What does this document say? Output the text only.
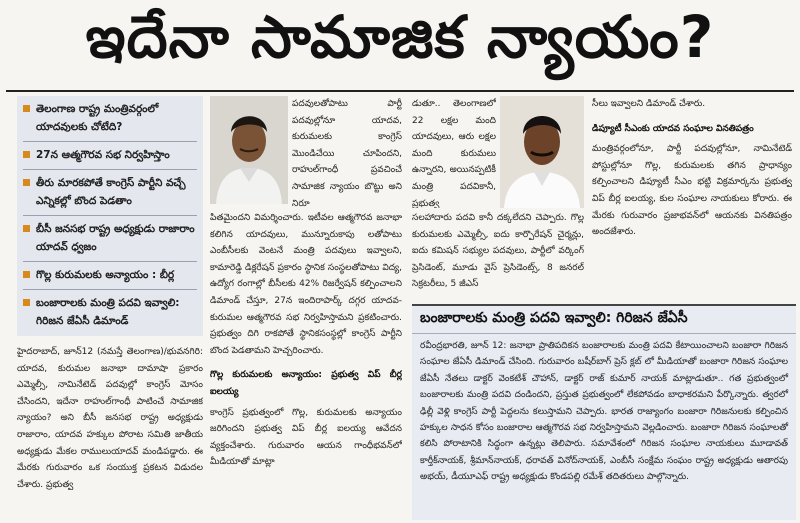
ఇదేనా సామాజిక న్యాయం?
తెలంగాణ రాష్ట్ర మంత్రివర్గంలో యాదవులకు చోటేది?
27న ఆత్మగౌరవ సభ నిర్వహిస్తాం
తీరు మారకపోతే కాంగ్రెస్ పార్టీని వచ్చే ఎన్నికల్లో బొంద పెడతాం
బీసీ జనసభ రాష్ట్ర అధ్యక్షుడు రాజారాం యాదవ్ ధ్వజం
గొల్ల కురుమలకు అన్యాయం : బీర్ల
బంజారాలకు మంత్రి పదవి ఇవ్వాలి: గిరిజన జేఏసీ డిమాండ్

హైదరాబాద్, జూన్12 (నమస్తే తెలంగాణ)/భువనగిరి: యాదవ, కురుమల జనాభా దామాషా ప్రకారం ఎమ్మెల్సీ, నామినేటెడ్ పదవుల్లో కాంగ్రెస్ మోసం చేసిందని, ఇదేనా రాహుల్‌గాంధీ పాటించే సామాజిక న్యాయం? అని బీసీ జనసభ రాష్ట్ర అధ్యక్షుడు రాజారాం, యాదవ హక్కుల పోరాట సమితి జాతీయ అధ్యక్షుడు మేకల రాములుయాదవ్ మండిపడ్డారు. ఈ మేరకు గురువారం ఒక సంయుక్త ప్రకటన విడుదల చేశారు. ప్రభుత్వ

పదవులతోపాటు పార్టీ పదవుల్లోనూ యాదవ, కురుమలకు కాంగ్రెస్ మొండిచేయి చూపిందని, రాహుల్‌గాంధీ ప్రవచించే సామాజిక న్యాయం బొట్టు అని నిరూ

పితమైందని విమర్శించారు. ఇటీవల ఆత్మగౌరవ జనాభా కలిగిన యాదవులు, మున్నూరుకాపు లతోపాటు ఎంబీసీలకు వెంటనే మంత్రి పదవులు ఇవ్వాలని, కామారెడ్డి డిక్లరేషన్ ప్రకారం స్థానిక సంస్థలతోపాటు విద్య, ఉద్యోగ రంగాల్లో బీసీలకు 42% రిజర్వేషన్ కల్పించాలని డిమాండ్ చేస్తూ, 27న ఇందిరాపార్క్ దగ్గర యాదవ-కురుమల ఆత్మగౌరవ సభ నిర్వహిస్తామని ప్రకటించారు. ప్రభుత్వం దిగి రాకపోతే స్థానికసంస్థల్లో కాంగ్రెస్ పార్టీని బొంద పెడతామని హెచ్చరించారు.

గొల్ల కురుమలకు అన్యాయం: ప్రభుత్వ విప్ బీర్ల ఐలయ్య

కాంగ్రెస్ ప్రభుత్వంలో గొల్ల, కురుమలకు అన్యాయం జరిగిందని ప్రభుత్వ విప్ బీర్ల ఐలయ్య ఆవేదన వ్యక్తంచేశారు. గురువారం ఆయన గాంధీభవన్‌లో మీడియాతో మాట్లా

డుతూ.. తెలంగాణలో 22 లక్షల మంది యాదవులు, ఆరు లక్షల మంది కురుమలు ఉన్నారని, అయినప్పటికీ మంత్రి పదవికానీ, ప్రభుత్వ

సలహాదారు పదవి కానీ దక్కలేదని చెప్పారు. గొల్ల కురుమలకు ఎమ్మెల్సీ, ఐదు కార్పొరేషన్ చైర్మన్లు, ఐదు కమిషన్ సభ్యుల పదవులు, పార్టీలో వర్కింగ్ ప్రెసిడెంట్, మూడు వైస్ ప్రెసిడెంట్స్, 8 జనరల్ సెక్రటరీలు, 5 జీఎస్

సీలు ఇవ్వాలని డిమాండ్ చేశారు.

డిప్యూటీ సీఎంకు యాదవ సంఘాల వినతిపత్రం

మంత్రివర్గంలోనూ, పార్టీ పదవుల్లోనూ, నామినేటెడ్ పోస్టుల్లోనూ గొల్ల, కురుమలకు తగిన ప్రాధాన్యం కల్పించాలని డిప్యూటీ సీఎం భట్టి విక్రమార్కను ప్రభుత్వ విప్ బీర్ల ఐలయ్య, కుల సంఘాల నాయకులు కోరారు. ఈ మేరకు గురువారం ప్రజాభవన్‌లో ఆయనకు వినతిపత్రం అందజేశారు.

బంజారాలకు మంత్రి పదవి ఇవ్వాలి: గిరిజన జేఏసీ
రవీంద్రభారతి, జూన్ 12: జనాభా ప్రాతిపదికన బంజారాలకు మంత్రి పదవి కేటాయించాలని బంజారా గిరిజన సంఘాల జేఏసీ డిమాండ్ చేసింది. గురువారం బషీర్‌బాగ్ ప్రెస్ క్లబ్ లో మీడియాతో బంజారా గిరిజన సంఘాల జేఏసీ నేతలు డాక్టర్ వెంకటేశ్ చౌహాన్, డాక్టర్ రాజ్ కుమార్ నాయక్ మాట్లాడుతూ.. గత ప్రభుత్వంలో బంజారాలకు మంత్రి పదవి దండిందని, ప్రస్తుత ప్రభుత్వంలో లేకపోవడం బాధాకరమని పేర్కొన్నారు. త్వరలో ఢిల్లీ వెళ్లి కాంగ్రెస్ పార్టీ పెద్దలను కలుస్తామని చెప్పారు. భారత రాజ్యాంగం బంజారా గిరిజనులకు కల్పించిన హక్కుల సాధన కోసం బంజారాల ఆత్మగౌరవ సభ నిర్వహిస్తామని వెల్లడించారు. బంజారా గిరిజన సంఘాలతో కలిసి పోరాటానికి సిద్ధంగా ఉన్నట్లు తెలిపారు. సమావేశంలో గిరిజన సంఘాల నాయకులు మూడావత్ కార్తీక్‌నాయక్, శ్రీమాన్‌నాయక్, ధరావత్ వినోద్‌నాయక్, ఎంబీసీ సంక్షేమ సంఘం రాష్ట్ర అధ్యక్షుడు ఆతారపు అభయ్, డీయూఎఫ్ రాష్ట్ర అధ్యక్షుడు కొండపల్లి రమేశ్ తదితరులు పాల్గొన్నారు.
